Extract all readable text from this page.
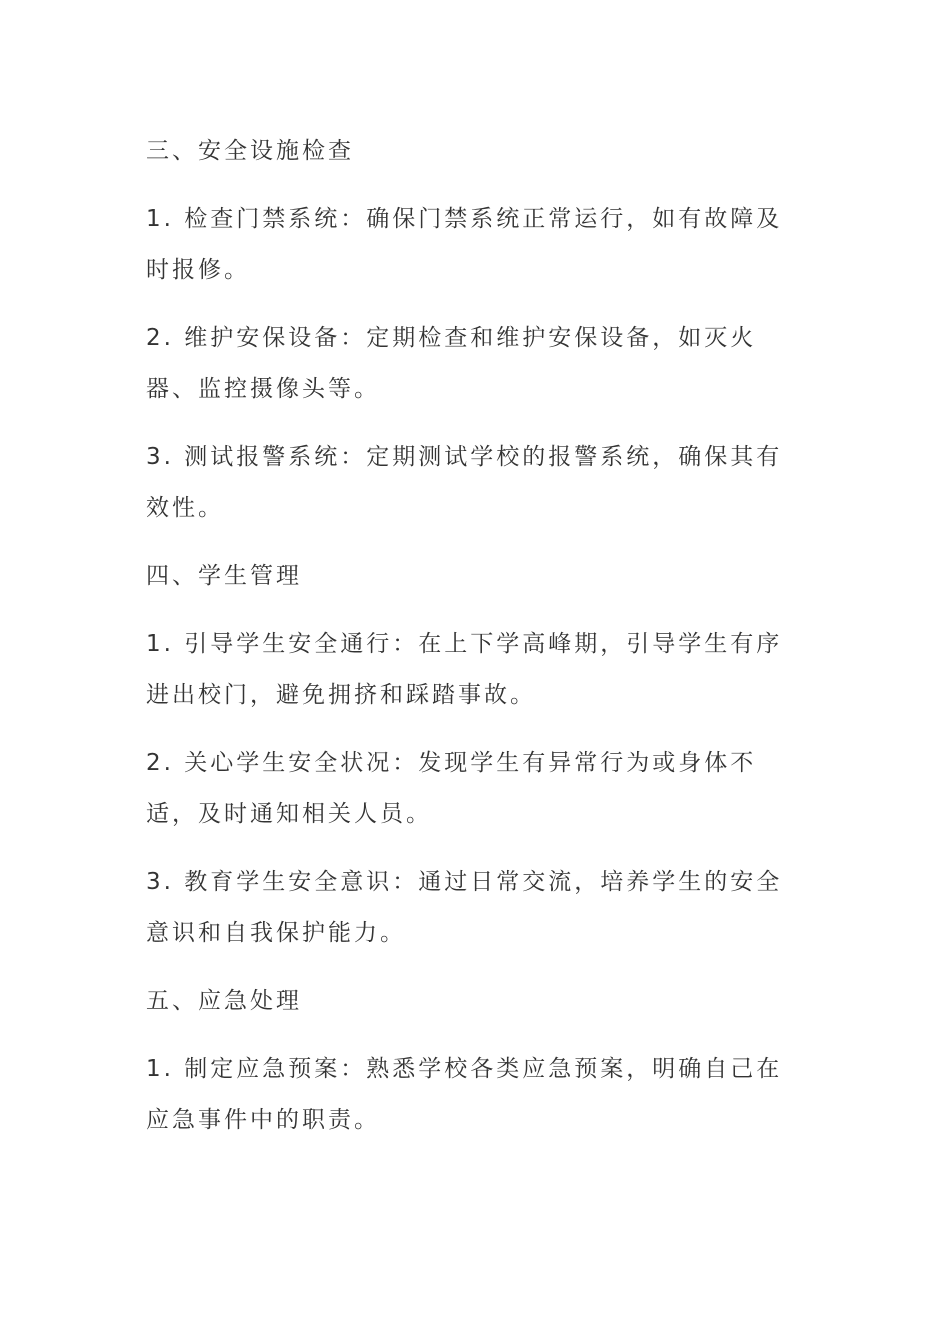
三、安全设施检查

1. 检查门禁系统：确保门禁系统正常运行，如有故障及时报修。

2. 维护安保设备：定期检查和维护安保设备，如灭火器、监控摄像头等。

3. 测试报警系统：定期测试学校的报警系统，确保其有效性。

四、学生管理

1. 引导学生安全通行：在上下学高峰期，引导学生有序进出校门，避免拥挤和踩踏事故。

2. 关心学生安全状况：发现学生有异常行为或身体不适，及时通知相关人员。

3. 教育学生安全意识：通过日常交流，培养学生的安全意识和自我保护能力。

五、应急处理

1. 制定应急预案：熟悉学校各类应急预案，明确自己在应急事件中的职责。
